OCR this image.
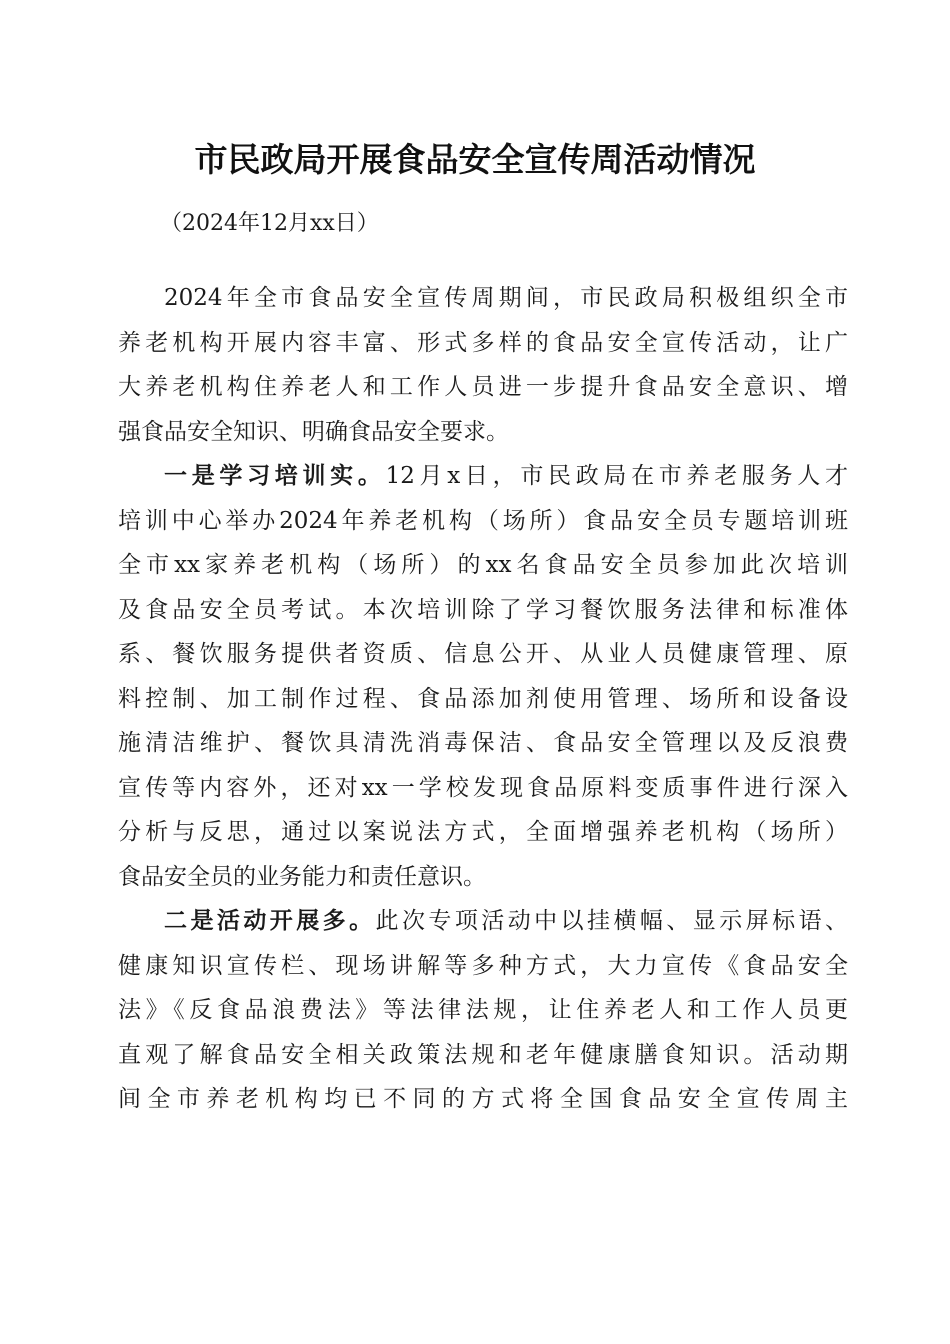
市民政局开展食品安全宣传周活动情况
（2024年12月xx日）
2024年全市食品安全宣传周期间，市民政局积极组织全市
养老机构开展内容丰富、形式多样的食品安全宣传活动，让广
大养老机构住养老人和工作人员进一步提升食品安全意识、增
强食品安全知识、明确食品安全要求。
一是学习培训实。12月x日，市民政局在市养老服务人才
培训中心举办2024年养老机构（场所）食品安全员专题培训班
全市xx家养老机构（场所）的xx名食品安全员参加此次培训
及食品安全员考试。本次培训除了学习餐饮服务法律和标准体
系、餐饮服务提供者资质、信息公开、从业人员健康管理、原
料控制、加工制作过程、食品添加剂使用管理、场所和设备设
施清洁维护、餐饮具清洗消毒保洁、食品安全管理以及反浪费
宣传等内容外，还对xx一学校发现食品原料变质事件进行深入
分析与反思，通过以案说法方式，全面增强养老机构（场所）
食品安全员的业务能力和责任意识。
二是活动开展多。此次专项活动中以挂横幅、显示屏标语、
健康知识宣传栏、现场讲解等多种方式，大力宣传《食品安全
法》《反食品浪费法》等法律法规，让住养老人和工作人员更
直观了解食品安全相关政策法规和老年健康膳食知识。活动期
间全市养老机构均已不同的方式将全国食品安全宣传周主
